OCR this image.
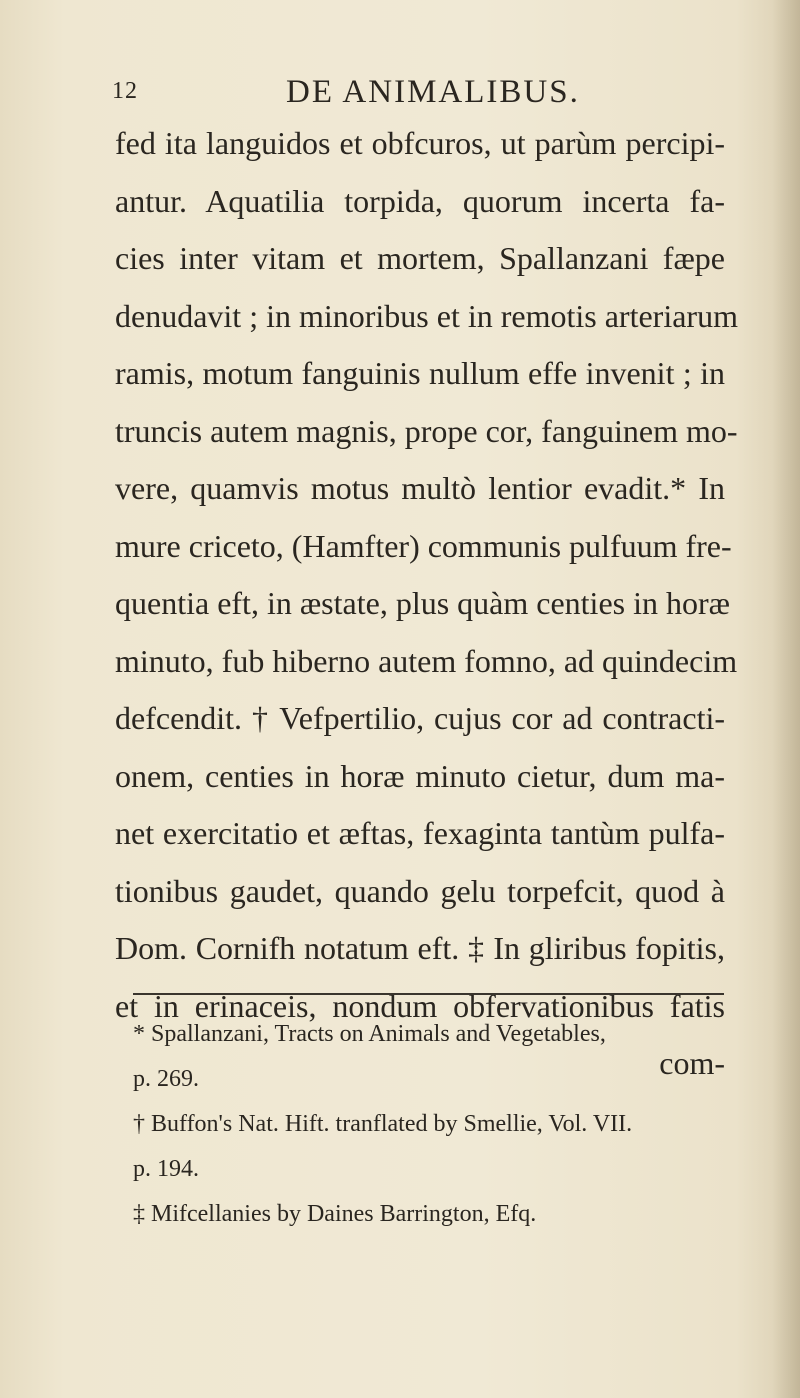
12	DE ANIMALIBUS.
fed ita languidos et obfcuros, ut parùm percipi-
antur. Aquatilia torpida, quorum incerta fa-
cies inter vitam et mortem, Spallanzani fæpe
denudavit ; in minoribus et in remotis arteriarum
ramis, motum fanguinis nullum effe invenit ; in
truncis autem magnis, prope cor, fanguinem mo-
vere, quamvis motus multò lentior evadit.* In
mure criceto, (Hamfter) communis pulfuum fre-
quentia eft, in æstate, plus quàm centies in horæ
minuto, fub hiberno autem fomno, ad quindecim
defcendit. † Vefpertilio, cujus cor ad contracti-
onem, centies in horæ minuto cietur, dum ma-
net exercitatio et æftas, fexaginta tantùm pulfa-
tionibus gaudet, quando gelu torpefcit, quod à
Dom. Cornifh notatum eft. ‡ In gliribus fopitis,
et in erinaceis, nondum obfervationibus fatis
com-
* Spallanzani, Tracts on Animals and Vegetables,
p. 269.
† Buffon's Nat. Hift. tranflated by Smellie, Vol. VII.
p. 194.
‡ Mifcellanies by Daines Barrington, Efq.
